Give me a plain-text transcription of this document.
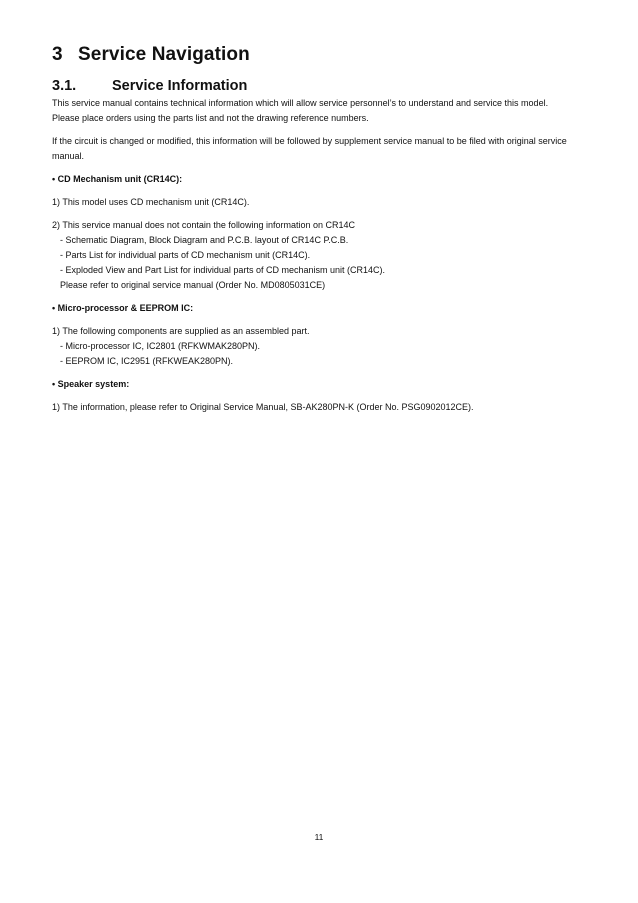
3 Service Navigation
3.1. Service Information

This service manual contains technical information which will allow service personnel’s to understand and service this model.

Please place orders using the parts list and not the drawing reference numbers.

If the circuit is changed or modified, this information will be followed by supplement service manual to be filed with original service

manual.

• CD Mechanism unit (CR14C):

1) This model uses CD mechanism unit (CR14C).

2) This service manual does not contain the following information on CR14C

- Schematic Diagram, Block Diagram and P.C.B. layout of CR14C P.C.B.

- Parts List for individual parts of CD mechanism unit (CR14C).

- Exploded View and Part List for individual parts of CD mechanism unit (CR14C).

Please refer to original service manual (Order No. MD0805031CE)

• Micro-processor & EEPROM IC:

1) The following components are supplied as an assembled part.

- Micro-processor IC, IC2801 (RFKWMAK280PN).

- EEPROM IC, IC2951 (RFKWEAK280PN).

• Speaker system:

1) The information, please refer to Original Service Manual, SB-AK280PN-K (Order No. PSG0902012CE).

11
